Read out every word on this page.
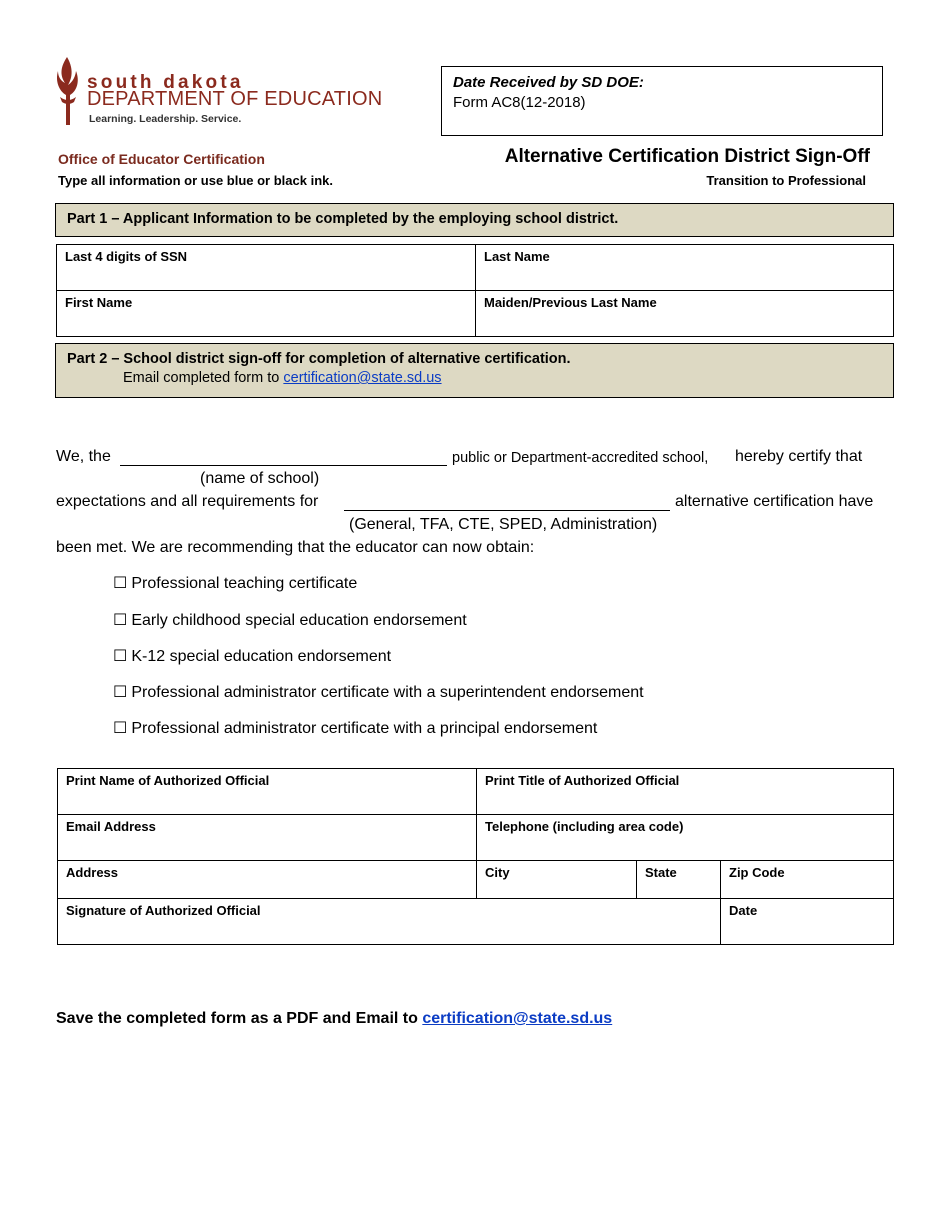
south dakota
DEPARTMENT OF EDUCATION
Learning. Leadership. Service.
Date Received by SD DOE:
Form AC8(12-2018)
Office of Educator Certification
Type all information or use blue or black ink.
Alternative Certification District Sign-Off
Transition to Professional
Part 1 – Applicant Information to be completed by the employing school district.
Last 4 digits of SSN	Last Name
First Name	Maiden/Previous Last Name
Part 2 – School district sign-off for completion of alternative certification.
Email completed form to certification@state.sd.us
We, the	public or Department-accredited school, hereby certify that
(name of school)
expectations and all requirements for	alternative certification have
(General, TFA, CTE, SPED, Administration)
been met. We are recommending that the educator can now obtain:
☐ Professional teaching certificate
☐ Early childhood special education endorsement
☐ K-12 special education endorsement
☐ Professional administrator certificate with a superintendent endorsement
☐ Professional administrator certificate with a principal endorsement
Print Name of Authorized Official	Print Title of Authorized Official		
Email Address	Telephone (including area code)		
Address	City	State	Zip Code
Signature of Authorized Official			Date
Save the completed form as a PDF and Email to certification@state.sd.us
